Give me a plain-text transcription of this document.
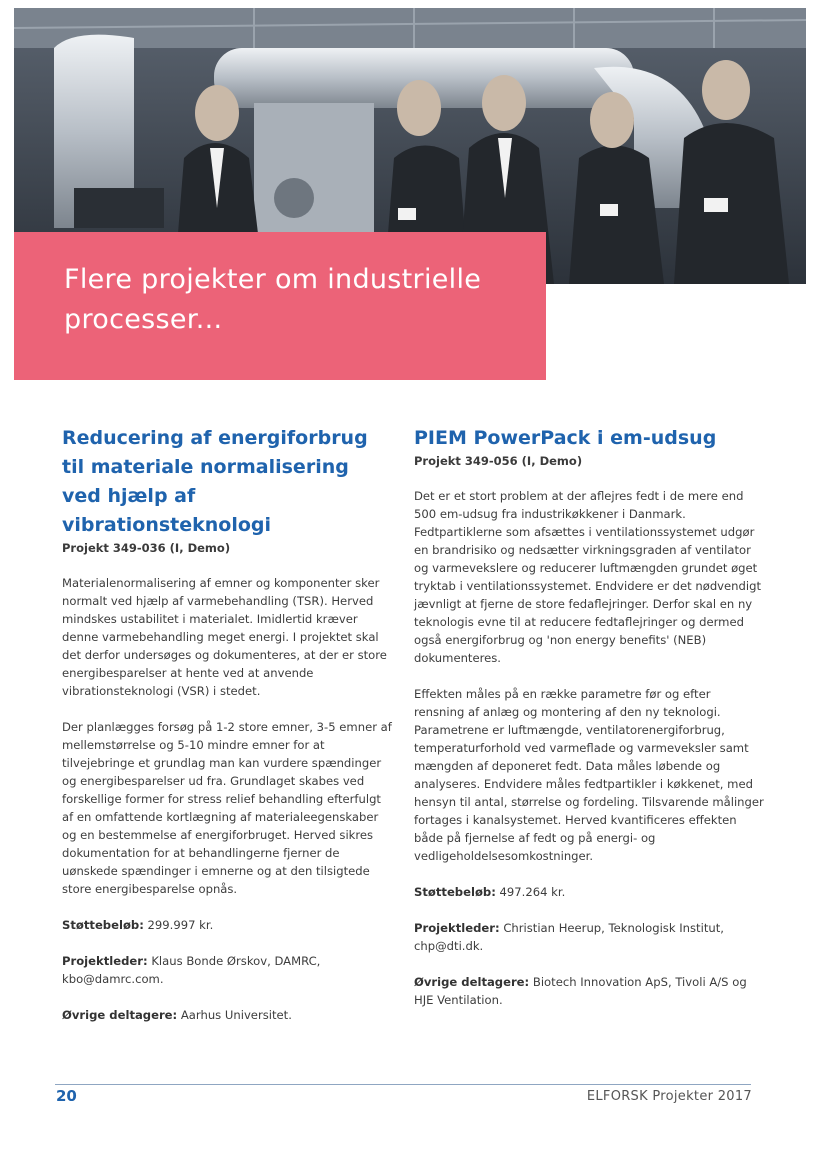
Flere projekter om industrielle processer...
Reducering af energiforbrug til materiale normalisering ved hjælp af vibrationsteknologi
Projekt 349-036 (I, Demo)

Materialenormalisering af emner og komponenter sker normalt ved hjælp af varmebehandling (TSR). Herved mindskes ustabilitet i materialet. Imidlertid kræver denne varmebehandling meget energi. I projektet skal det derfor undersøges og dokumenteres, at der er store energibesparelser at hente ved at anvende vibrationsteknologi (VSR) i stedet.

Der planlægges forsøg på 1-2 store emner, 3-5 emner af mellemstørrelse og 5-10 mindre emner for at tilvejebringe et grundlag man kan vurdere spændinger og energibesparelser ud fra. Grundlaget skabes ved forskellige former for stress relief behandling efterfulgt af en omfattende kortlægning af materialeegenskaber og en bestemmelse af energiforbruget. Herved sikres dokumentation for at behandlingerne fjerner de uønskede spændinger i emnerne og at den tilsigtede store energibesparelse opnås.

Støttebeløb: 299.997 kr.

Projektleder: Klaus Bonde Ørskov, DAMRC, kbo@damrc.com.

Øvrige deltagere: Aarhus Universitet.

PIEM PowerPack i em-udsug
Projekt 349-056 (I, Demo)

Det er et stort problem at der aflejres fedt i de mere end 500 em-udsug fra industrikøkkener i Danmark. Fedtpartiklerne som afsættes i ventilationssystemet udgør en brandrisiko og nedsætter virkningsgraden af ventilator og varmevekslere og reducerer luftmængden grundet øget tryktab i ventilationssystemet. Endvidere er det nødvendigt jævnligt at fjerne de store fedaflejringer. Derfor skal en ny teknologis evne til at reducere fedtaflejringer og dermed også energiforbrug og 'non energy benefits' (NEB) dokumenteres.

Effekten måles på en række parametre før og efter rensning af anlæg og montering af den ny teknologi. Parametrene er luftmængde, ventilatorenergiforbrug, temperaturforhold ved varmeflade og varmeveksler samt mængden af deponeret fedt. Data måles løbende og analyseres. Endvidere måles fedtpartikler i køkkenet, med hensyn til antal, størrelse og fordeling. Tilsvarende målinger fortages i kanalsystemet. Herved kvantificeres effekten både på fjernelse af fedt og på energi- og vedligeholdelsesomkostninger.

Støttebeløb: 497.264 kr.

Projektleder: Christian Heerup, Teknologisk Institut, chp@dti.dk.

Øvrige deltagere: Biotech Innovation ApS, Tivoli A/S og HJE Ventilation.

20	ELFORSK Projekter 2017
